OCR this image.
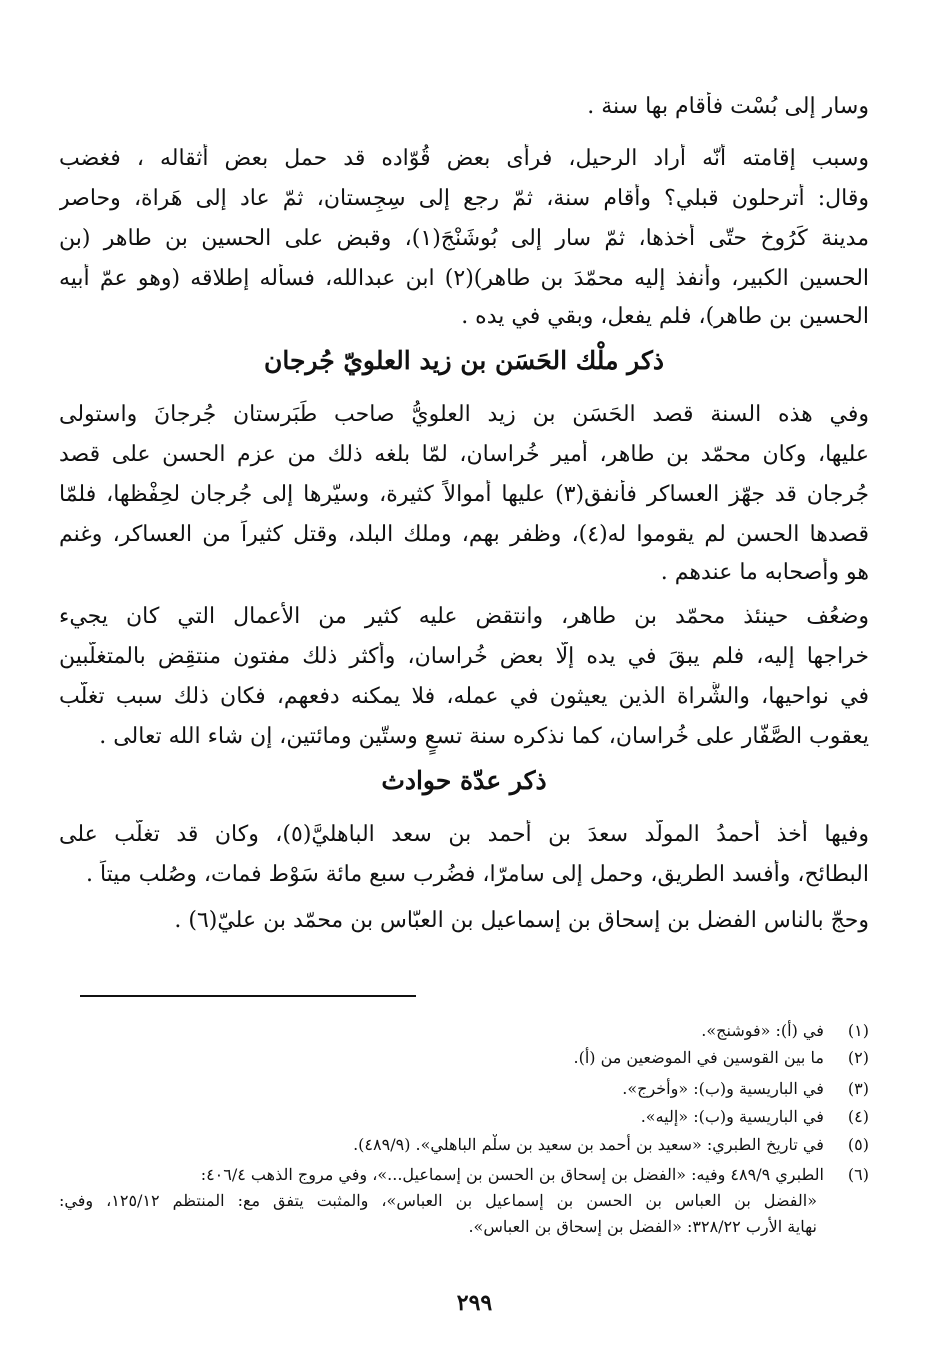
وسار إلى بُسْت فأقام بها سنة .
وسبب إقامته أنّه أراد الرحيل، فرأى بعض قُوّاده قد حمل بعض أثقاله ، فغضب
وقال: أترحلون قبلي؟ وأقام سنة، ثمّ رجع إلى سِجِستان، ثمّ عاد إلى هَراة، وحاصر
مدينة كَرُوخ حتّى أخذها، ثمّ سار إلى بُوشَنْجَ(١)، وقبض على الحسين بن طاهر (بن
الحسين الكبير، وأنفذ إليه محمّدَ بن طاهر)(٢) ابن عبدالله، فسأله إطلاقه (وهو عمّ أبيه
الحسين بن طاهر)، فلم يفعل، وبقي في يده .
ذكر ملْك الحَسَن بن زيد العلويّ جُرجان
وفي هذه السنة قصد الحَسَن بن زيد العلويُّ صاحب طَبَرستان جُرجانَ واستولى
عليها، وكان محمّد بن طاهر، أمير خُراسان، لمّا بلغه ذلك من عزم الحسن على قصد
جُرجان قد جهّز العساكر فأنفق(٣) عليها أموالاً كثيرة، وسيّرها إلى جُرجان لحِفْظها، فلمّا
قصدها الحسن لم يقوموا له(٤)، وظفر بهم، وملك البلد، وقتل كثيراً من العساكر، وغنم
هو وأصحابه ما عندهم .
وضعُف حينئذ محمّد بن طاهر، وانتقض عليه كثير من الأعمال التي كان يجيء
خراجها إليه، فلم يبقَ في يده إلّا بعض خُراسان، وأكثر ذلك مفتون منتقِض بالمتغلّبين
في نواحيها، والشُّراة الذين يعيثون في عمله، فلا يمكنه دفعهم، فكان ذلك سبب تغلّب
يعقوب الصَّفّار على خُراسان، كما نذكره سنة تسعٍ وستّين ومائتين، إن شاء الله تعالى .
ذكر عدّة حوادث
وفيها أخذ أحمدُ المولّد سعدَ بن أحمد بن سعد الباهليَّ(٥)، وكان قد تغلّب على
البطائح، وأفسد الطريق، وحمل إلى سامرّا، فضُرب سبع مائة سَوْط فمات، وصُلب ميتاً .
وحجّ بالناس الفضل بن إسحاق بن إسماعيل بن العبّاس بن محمّد بن عليّ(٦) .
(١) في (أ): «فوشنج».
(٢) ما بين القوسين في الموضعين من (أ).
(٣) في الباريسية و(ب): «وأخرج».
(٤) في الباريسية و(ب): «إليه».
(٥) في تاريخ الطبري: «سعيد بن أحمد بن سعيد بن سلْم الباهلي». (٤٨٩/٩).
(٦) الطبري ٤٨٩/٩ وفيه: «الفضل بن إسحاق بن الحسن بن إسماعيل...»، وفي مروج الذهب ٤٠٦/٤:
«الفضل بن العباس بن الحسن بن إسماعيل بن العباس»، والمثبت يتفق مع: المنتظم ١٢٥/١٢، وفي:
نهاية الأرب ٣٢٨/٢٢: «الفضل بن إسحاق بن العباس».
٢٩٩
